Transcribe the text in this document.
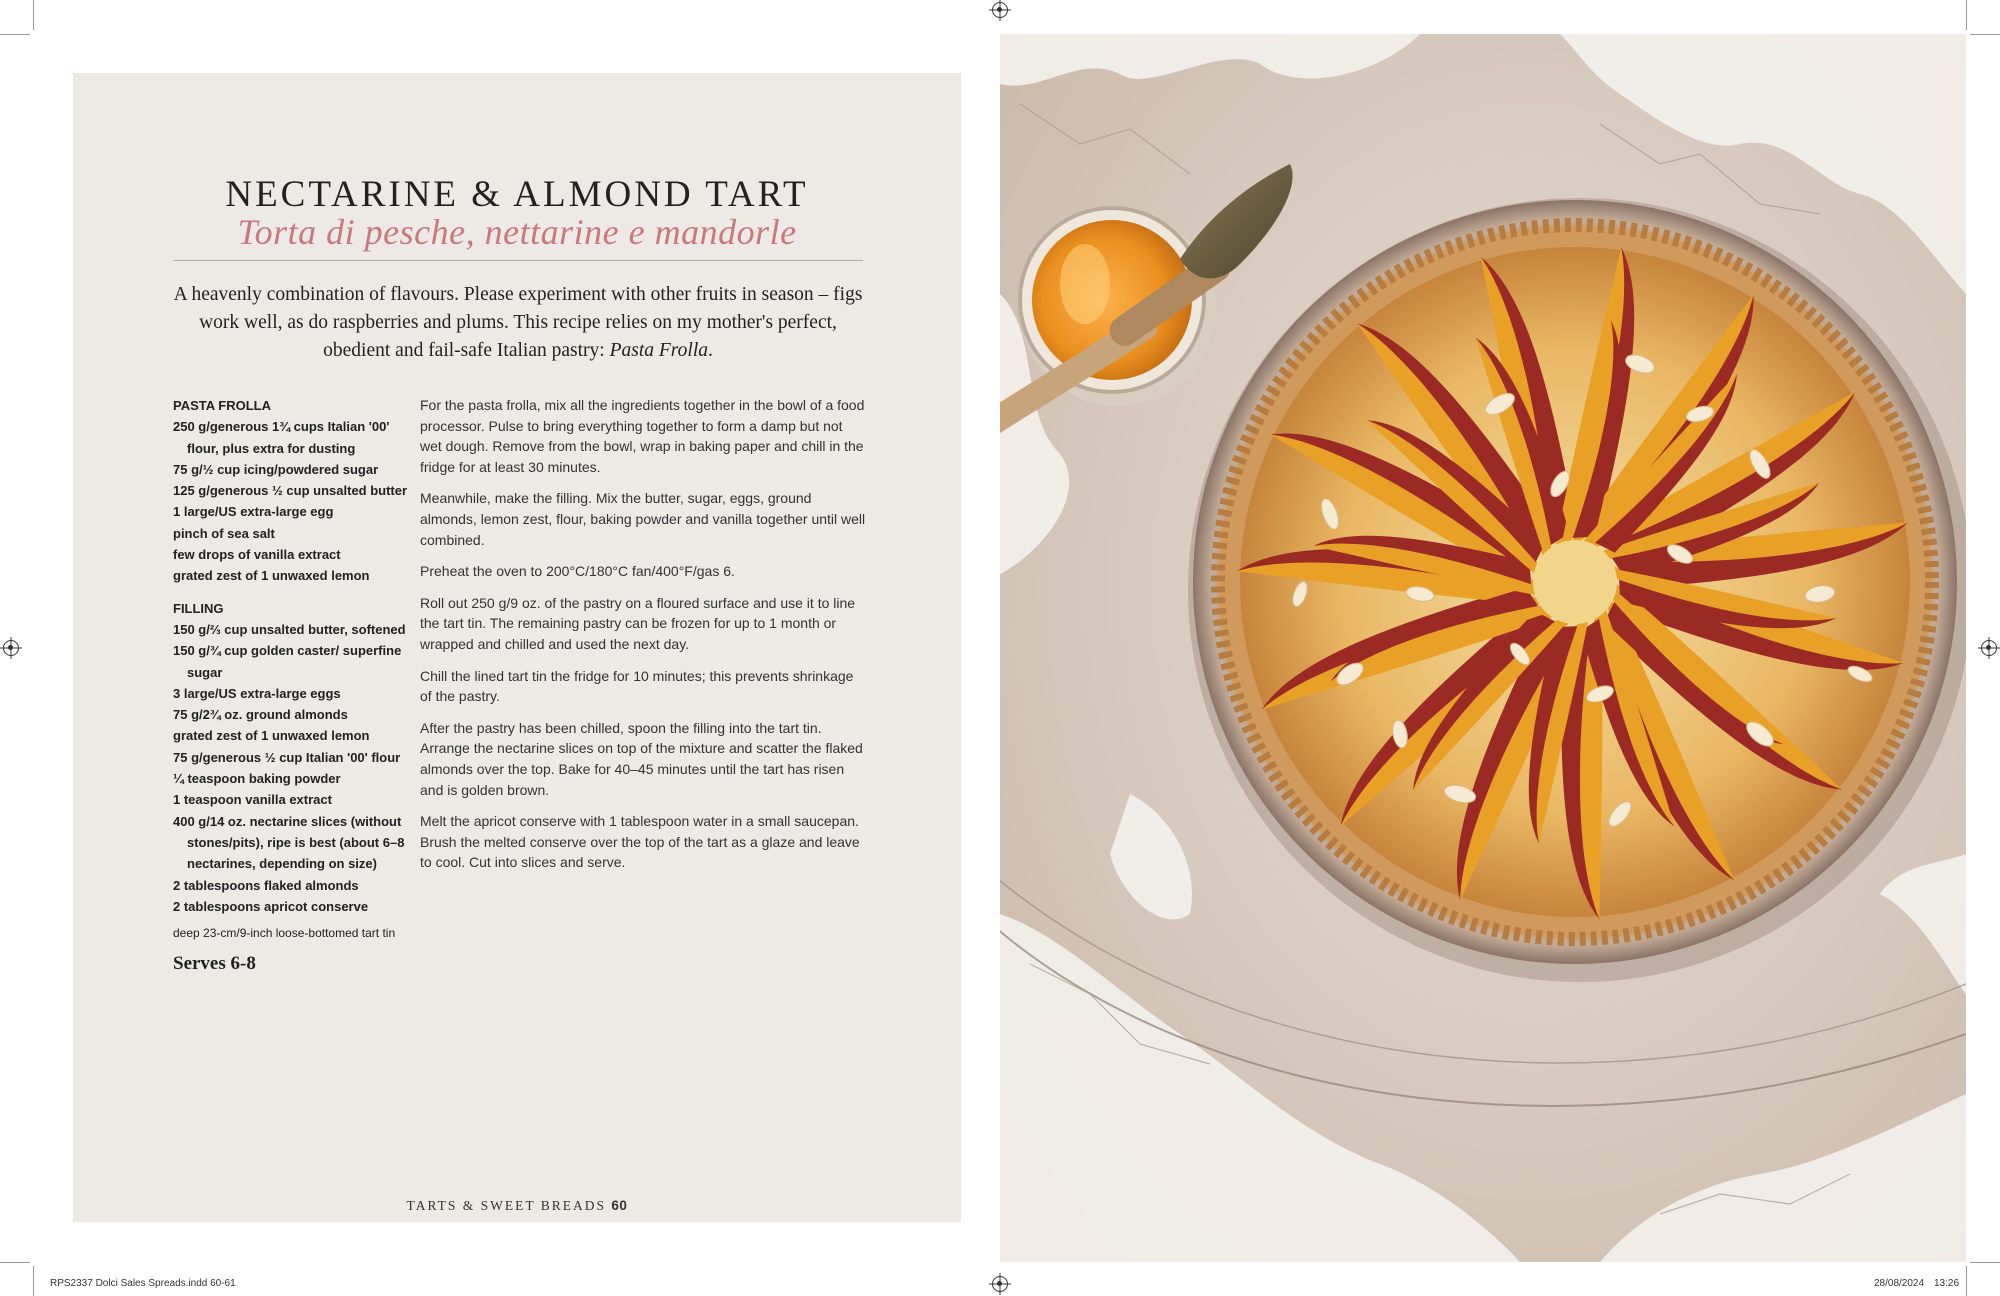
NECTARINE & ALMOND TART
Torta di pesche, nettarine e mandorle

A heavenly combination of flavours. Please experiment with other fruits in season – figs work well, as do raspberries and plums. This recipe relies on my mother's perfect, obedient and fail-safe Italian pastry: Pasta Frolla.

PASTA FROLLA
250 g/generous 1¾ cups Italian '00' flour, plus extra for dusting
75 g/½ cup icing/powdered sugar
125 g/generous ½ cup unsalted butter
1 large/US extra-large egg
pinch of sea salt
few drops of vanilla extract
grated zest of 1 unwaxed lemon
FILLING
150 g/⅔ cup unsalted butter, softened
150 g/¾ cup golden caster/ superfine sugar
3 large/US extra-large eggs
75 g/2¾ oz. ground almonds
grated zest of 1 unwaxed lemon
75 g/generous ½ cup Italian '00' flour
¼ teaspoon baking powder
1 teaspoon vanilla extract
400 g/14 oz. nectarine slices (without stones/pits), ripe is best (about 6–8 nectarines, depending on size)
2 tablespoons flaked almonds
2 tablespoons apricot conserve
deep 23-cm/9-inch loose-bottomed tart tin
Serves 6-8

For the pasta frolla, mix all the ingredients together in the bowl of a food processor. Pulse to bring everything together to form a damp but not wet dough. Remove from the bowl, wrap in baking paper and chill in the fridge for at least 30 minutes.

Meanwhile, make the filling. Mix the butter, sugar, eggs, ground almonds, lemon zest, flour, baking powder and vanilla together until well combined.

Preheat the oven to 200°C/180°C fan/400°F/gas 6.

Roll out 250 g/9 oz. of the pastry on a floured surface and use it to line the tart tin. The remaining pastry can be frozen for up to 1 month or wrapped and chilled and used the next day.

Chill the lined tart tin the fridge for 10 minutes; this prevents shrinkage of the pastry.

After the pastry has been chilled, spoon the filling into the tart tin. Arrange the nectarine slices on top of the mixture and scatter the flaked almonds over the top. Bake for 40–45 minutes until the tart has risen and is golden brown.

Melt the apricot conserve with 1 tablespoon water in a small saucepan. Brush the melted conserve over the top of the tart as a glaze and leave to cool. Cut into slices and serve.

TARTS & SWEET BREADS 60
RPS2337 Dolci Sales Spreads.indd 60-61	28/08/2024 13:26
